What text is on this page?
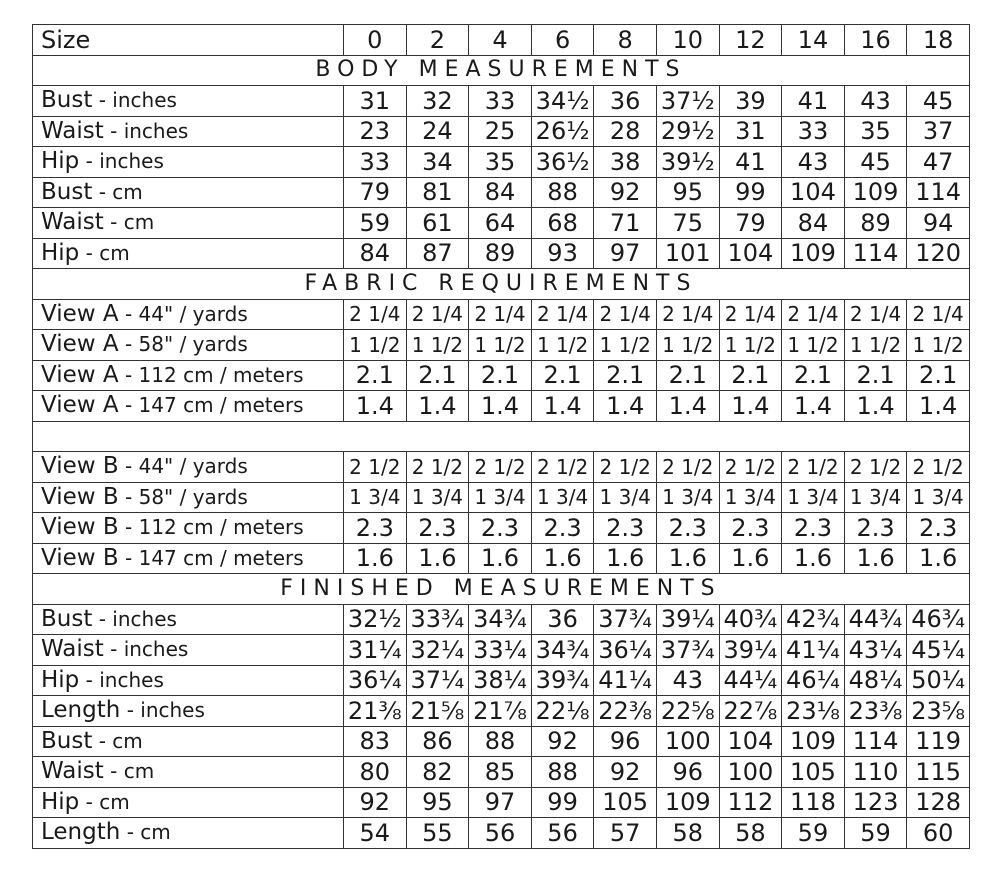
Size	0	2	4	6	8	10	12	14	16	18
BODY MEASUREMENTS										
Bust - inches	31	32	33	34½	36	37½	39	41	43	45
Waist - inches	23	24	25	26½	28	29½	31	33	35	37
Hip - inches	33	34	35	36½	38	39½	41	43	45	47
Bust - cm	79	81	84	88	92	95	99	104	109	114
Waist - cm	59	61	64	68	71	75	79	84	89	94
Hip - cm	84	87	89	93	97	101	104	109	114	120
FABRIC REQUIREMENTS										
View A - 44" / yards	2 1/4	2 1/4	2 1/4	2 1/4	2 1/4	2 1/4	2 1/4	2 1/4	2 1/4	2 1/4
View A - 58" / yards	1 1/2	1 1/2	1 1/2	1 1/2	1 1/2	1 1/2	1 1/2	1 1/2	1 1/2	1 1/2
View A - 112 cm / meters	2.1	2.1	2.1	2.1	2.1	2.1	2.1	2.1	2.1	2.1
View A - 147 cm / meters	1.4	1.4	1.4	1.4	1.4	1.4	1.4	1.4	1.4	1.4

View B - 44" / yards	2 1/2	2 1/2	2 1/2	2 1/2	2 1/2	2 1/2	2 1/2	2 1/2	2 1/2	2 1/2
View B - 58" / yards	1 3/4	1 3/4	1 3/4	1 3/4	1 3/4	1 3/4	1 3/4	1 3/4	1 3/4	1 3/4
View B - 112 cm / meters	2.3	2.3	2.3	2.3	2.3	2.3	2.3	2.3	2.3	2.3
View B - 147 cm / meters	1.6	1.6	1.6	1.6	1.6	1.6	1.6	1.6	1.6	1.6
FINISHED MEASUREMENTS										
Bust - inches	32½	33¾	34¾	36	37¾	39¼	40¾	42¾	44¾	46¾
Waist - inches	31¼	32¼	33¼	34¾	36¼	37¾	39¼	41¼	43¼	45¼
Hip - inches	36¼	37¼	38¼	39¾	41¼	43	44¼	46¼	48¼	50¼
Length - inches	21⅜	21⅝	21⅞	22⅛	22⅜	22⅝	22⅞	23⅛	23⅜	23⅝
Bust - cm	83	86	88	92	96	100	104	109	114	119
Waist - cm	80	82	85	88	92	96	100	105	110	115
Hip - cm	92	95	97	99	105	109	112	118	123	128
Length - cm	54	55	56	56	57	58	58	59	59	60
